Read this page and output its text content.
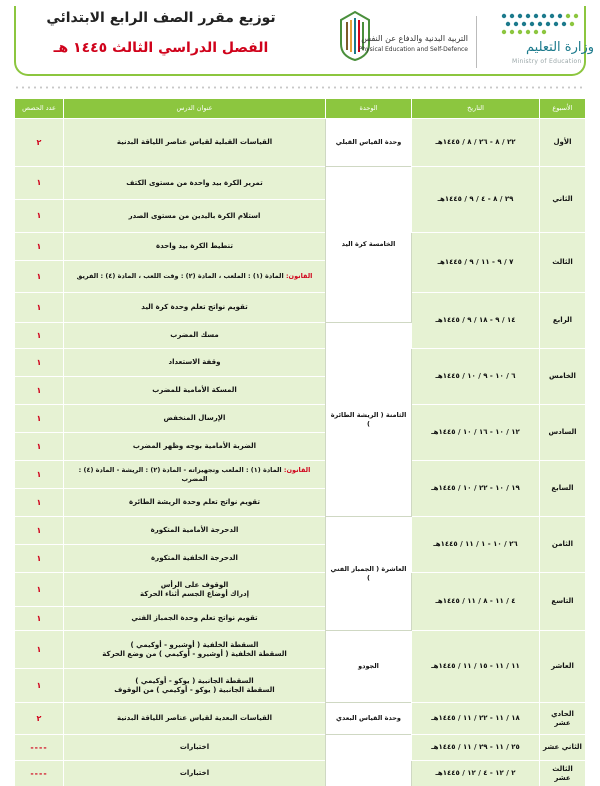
توزيع مقرر الصف الرابع الابتدائي
الفصل الدراسي الثالث ١٤٤٥ هـ
التربية البدنية والدفاع عن النفس
Physical Education and Self-Defence	وزارة التعليم
Ministry of Education
الأسبوع	التاريخ	الوحدة	عنوان الدرس	عدد الحصص
الأول	٢٢ / ٨ - ٢٦ / ٨ / ١٤٤٥هـ	وحدة القياس القبلي	القياسات القبلية لقياس عناصر اللياقة البدنية	٢
الثاني	٢٩ / ٨ - ٤ / ٩ / ١٤٤٥هـ	الخامسة كرة اليد	تمرير الكرة بيد واحدة من مستوى الكتف	١
			استلام الكرة باليدين من مستوى الصدر	١
الثالث	٧ / ٩ - ١١ / ٩ / ١٤٤٥هـ		تنطيط الكرة بيد واحدة	١
			القانون: المادة (١) : الملعب ، المادة (٢) : وقت اللعب ، المادة (٤) : الفريق	١
الرابع	١٤ / ٩ - ١٨ / ٩ / ١٤٤٥هـ		تقويم نواتج تعلم وحدة كرة اليد	١
		الثامنة ( الريشة الطائرة )	مسك المضرب	١
الخامس	٦ / ١٠ - ٩ / ١٠ / ١٤٤٥هـ		وقفة الاستعداد	١
			المسكة الأمامية للمضرب	١
السادس	١٢ / ١٠ - ١٦ / ١٠ / ١٤٤٥هـ		الإرسال المنخفض	١
			الضربة الأمامية بوجه وظهر المضرب	١
السابع	١٩ / ١٠ - ٢٢ / ١٠ / ١٤٤٥هـ		القانون: المادة (١) : الملعب وتجهيزاته - المادة (٢) : الريشة - المادة (٤) : المضرب	١
			تقويم نواتج تعلم وحدة الريشة الطائرة	١
الثامن	٢٦ / ١٠ - ١ / ١١ / ١٤٤٥هـ	العاشرة ( الجمباز الفني )	الدحرجة الأمامية المتكورة	١
			الدحرجة الخلفية المتكورة	١
التاسع	٤ / ١١ - ٨ / ١١ / ١٤٤٥هـ		الوقوف على الرأس
إدراك أوضاع الجسم أثناء الحركة	١
			تقويم نواتج تعلم وحدة الجمباز الفني	١
العاشر	١١ / ١١ - ١٥ / ١١ / ١٤٤٥هـ	الجودو	السقطة الخلفية ( أوشيرو - أوكيمي )
السقطة الخلفية ( أوشيرو - أوكيمي ) من وضع الحركة	١

			السقطة الجانبية ( يوكو - أوكيمي )
السقطة الجانبية ( يوكو - أوكيمي ) من الوقوف	١
الحادي عشر	١٨ / ١١ - ٢٢ / ١١ / ١٤٤٥هـ	وحدة القياس البعدي	القياسات البعدية لقياس عناصر اللياقة البدنية	٢
الثاني عشر	٢٥ / ١١ - ٢٩ / ١١ / ١٤٤٥هـ		اختبارات	----
الثالث عشر	٢ / ١٢ - ٤ / ١٢ / ١٤٤٥هـ		اختبارات	----
